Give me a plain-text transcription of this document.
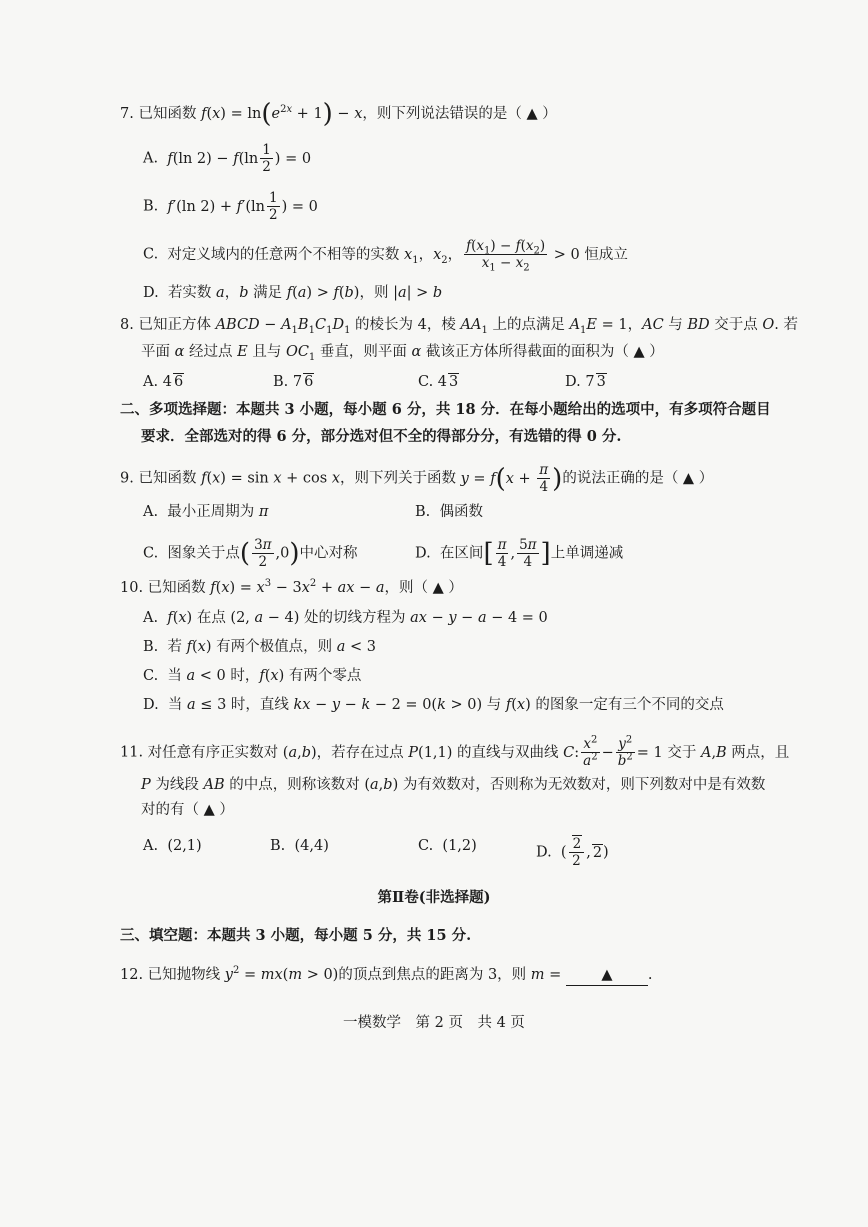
7. 已知函数 $f(x) = \ln(e^{2x} + 1) - x$，则下列说法错误的是（ ▲ ）
A. f(ln $2) - f(\ln \frac{1}{2}$ ) = 0
B. f′(ln $2) + f'(\ln \frac{1}{2}$ ) = 0
C. 对定义域内的任意两个不相等的实数 $x_1$，$x_2$， $\frac{f(x_1) - f(x_2)}{x_1 - x_2} > 0$ 恒成立
D. 若实数 a，b 满足 f(a) > f(b)，则 |a| > b
8. 已知正方体 ABCD − $A_1B_1C_1D_1$ 的棱长为 4，棱 $AA_1$ 上的点满足 $A_1E = 1$，AC 与 BD 交于点 O. 若
平面 α 经过点 E 且与 $OC_1$ 垂直，则平面 α 截该正方体所得截面的面积为（ ▲ ）
A. 4 6	B. 7 6	C. 4 3	D. 7 3
二、多项选择题：本题共 3 小题，每小题 6 分，共 18 分．在每小题给出的选项中，有多项符合题目
要求．全部选对的得 6 分，部分选对但不全的得部分分，有选错的得 0 分.
9. 已知函数 f(x) = sin x + cos x，则下列关于函数 $y = f(x + \frac{\pi}{4}$ )的说法正确的是（ ▲ ）
A.  最小正周期为 π	B. 偶函数
C.  图象关于点( $\frac{3\pi}{2} ,0$)中心对称	D.  在区间[ $\frac{\pi}{4}$ , $\frac{5\pi}{4}$ ]上单调递减
10. 已知函数 $f(x) = x^3 - 3x^2$ + ax − a，则（ ▲ ）
A. f(x) 在点 (2, a − 4) 处的切线方程为 ax − y − a − 4 = 0
B.  若 f(x) 有两个极值点，则 a < 3
C.  当 a < 0 时，f(x) 有两个零点
D.  当 a ≤ 3 时，直线 kx − y − k − 2 = 0(k > 0) 与 f(x) 的图象一定有三个不同的交点
11. 对任意有序正实数对 (a,b)，若存在过点 P(1,1) 的直线与双曲线 C: $\frac{x^2}{a^2} - \frac{y^2}{b^2} = 1$ 交于 A,B 两点，且
P 为线段 AB 的中点，则称该数对 (a,b) 为有效数对，否则称为无效数对，则下列数对中是有效数
对的有（ ▲ ）
A. (2,1)	B. (4,4)	C. (1,2)	D.  ( $\frac{2}{2}$ , 2)
第Ⅱ卷(非选择题)
三、填空题：本题共 3 小题，每小题 5 分，共 15 分.
12. 已知抛物线 $y^2 = mx(m > 0)$的顶点到焦点的距离为 3，则 m = ▲ .
一模数学　第 2 页　共 4 页
